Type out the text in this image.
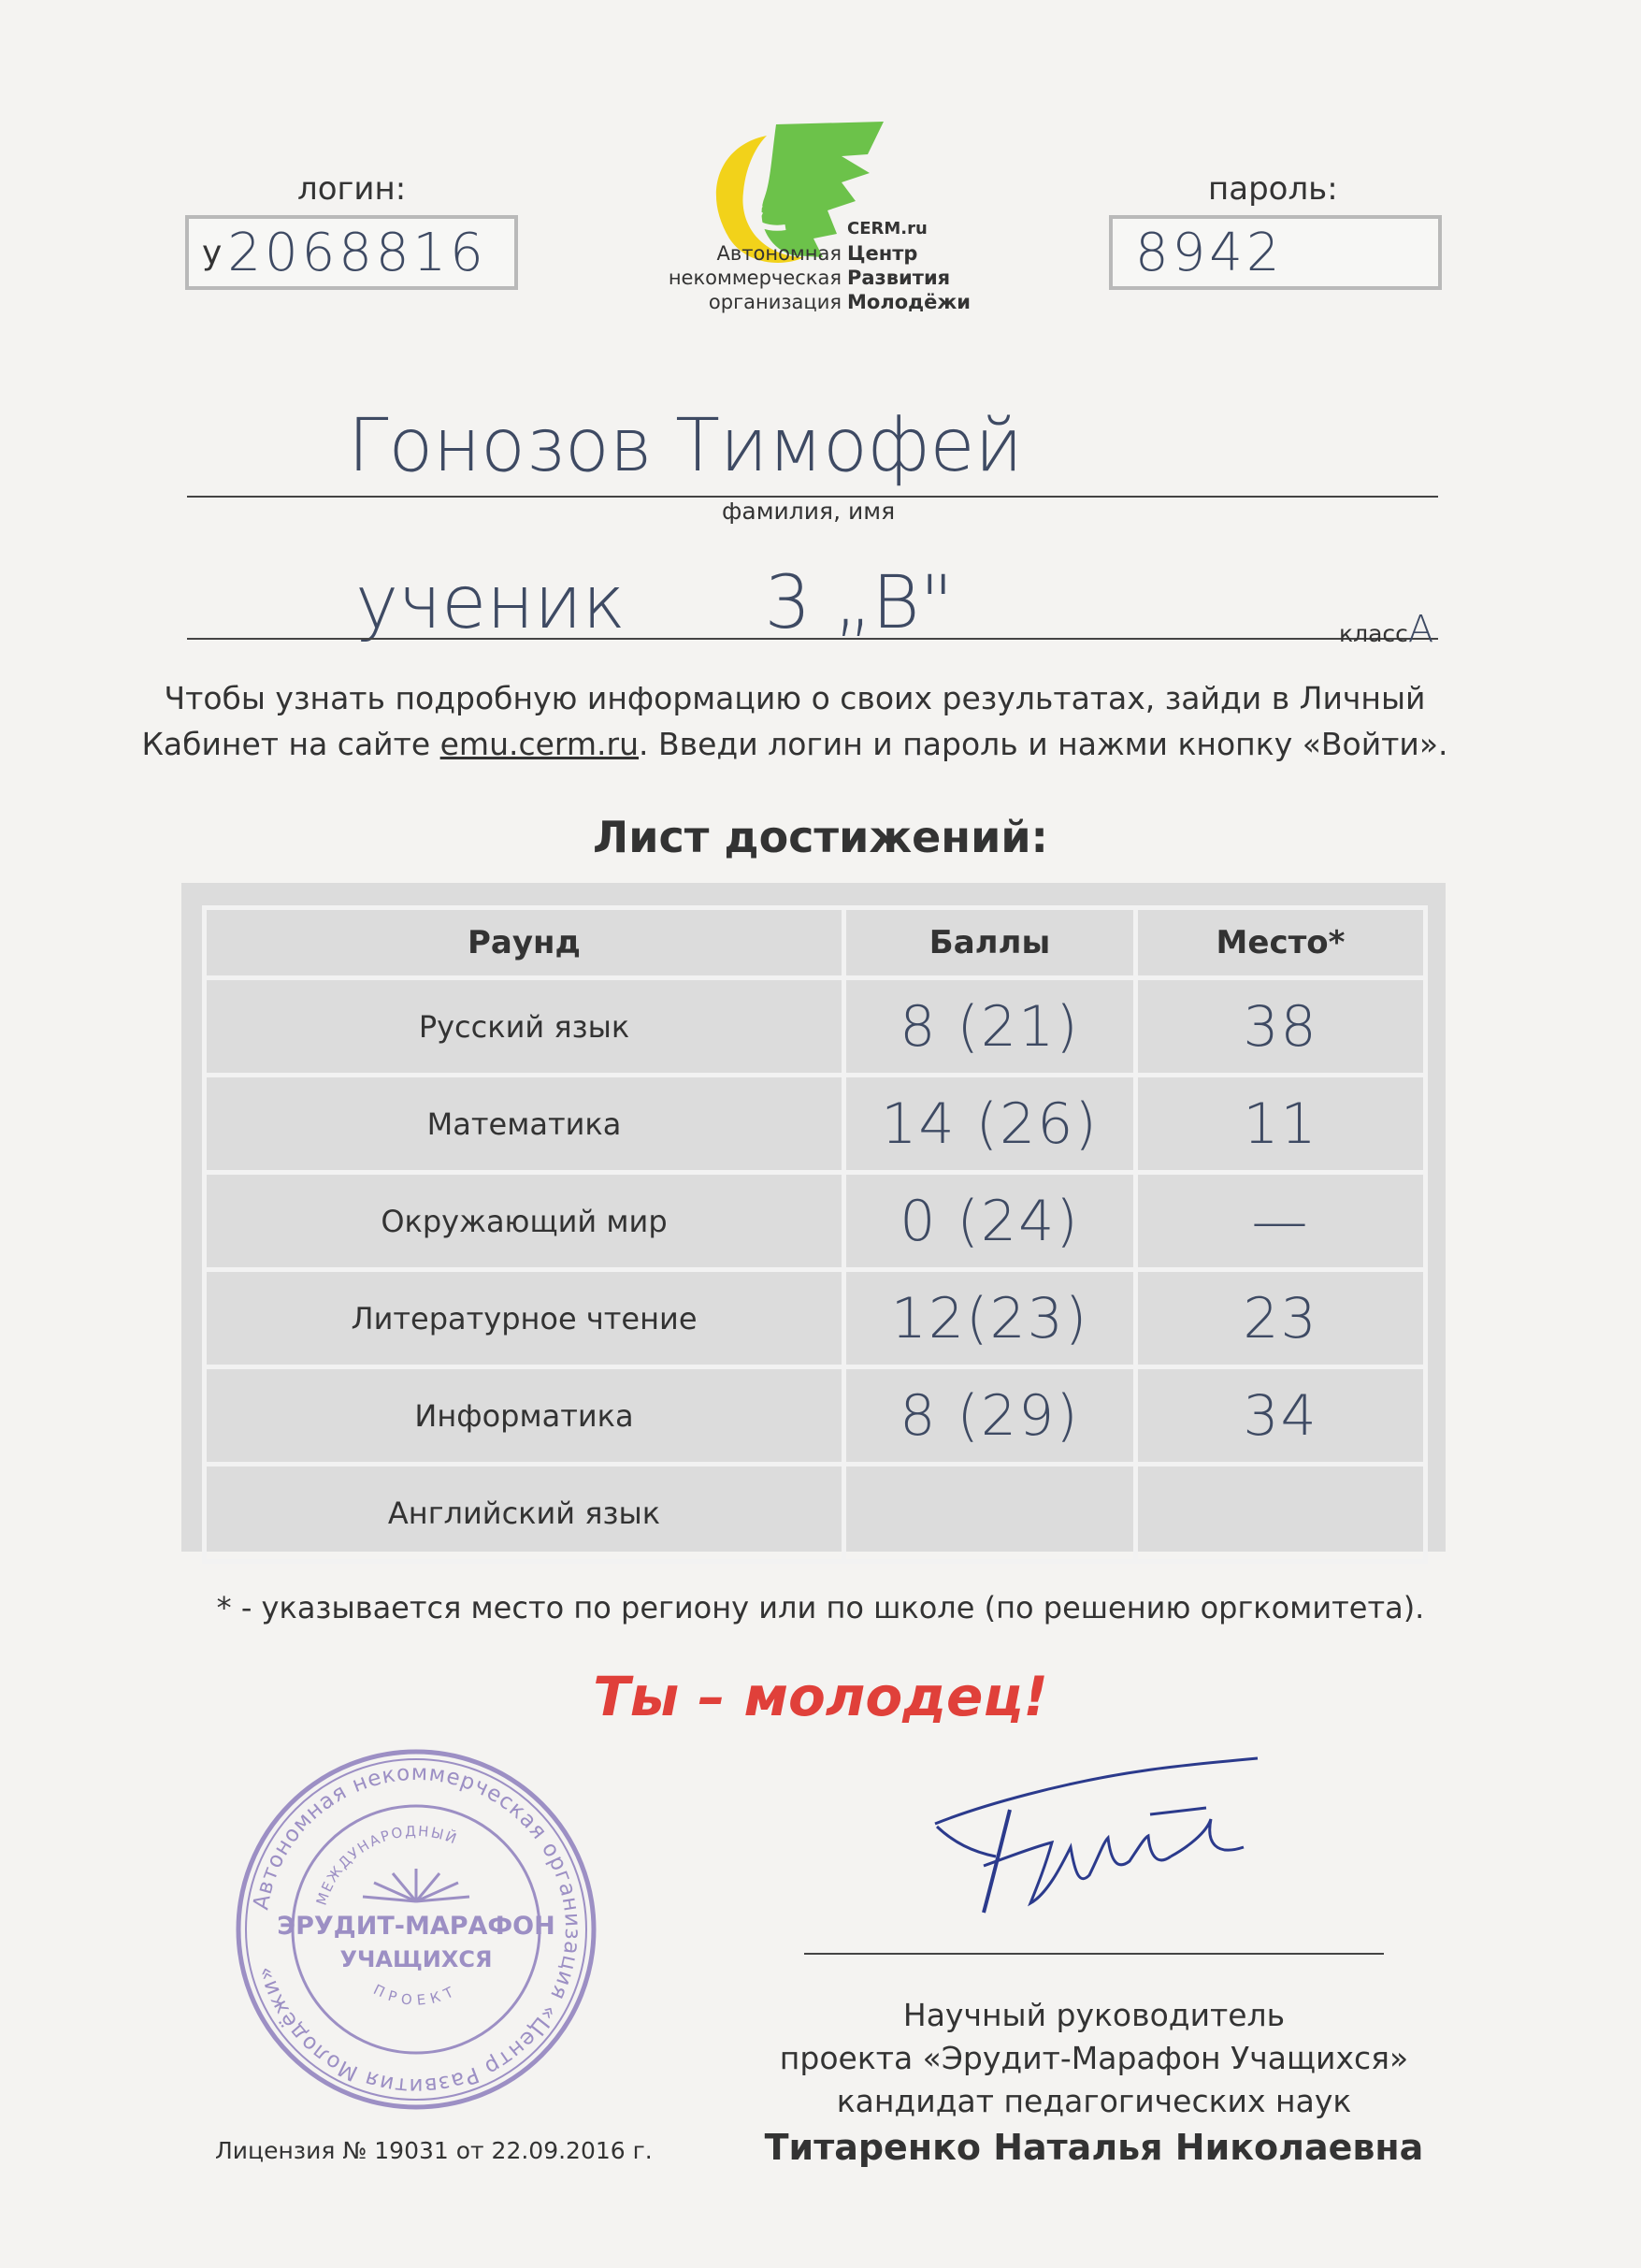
логин:
у 2068816
пароль:
8942
CERM.ru
Автономная
некоммерческая
организация
Центр
Развития
Молодёжи
Гонозов Тимофей
фамилия, имя
ученик      3 „В"	классА
Чтобы узнать подробную информацию о своих результатах, зайди в Личный
Кабинет на сайте emu.cerm.ru. Введи логин и пароль и нажми кнопку «Войти».
Лист достижений:
Раунд	Баллы	Место*
Русский язык	8 (21)	38
Математика	14 (26)	11
Окружающий мир	0 (24)	—
Литературное чтение	12(23)	23
Информатика	8 (29)	34
Английский язык		
* - указывается место по региону или по школе (по решению оргкомитета).
Ты – молодец!
Автономная некоммерческая организация «Центр Развития Молодёжи»
МЕЖДУНАРОДНЫЙ
ЭРУДИТ-МАРАФОН
УЧАЩИХСЯ
ПРОЕКТ
Научный руководитель
проекта «Эрудит-Марафон Учащихся»
кандидат педагогических наук
Титаренко Наталья Николаевна
Лицензия № 19031 от 22.09.2016 г.
